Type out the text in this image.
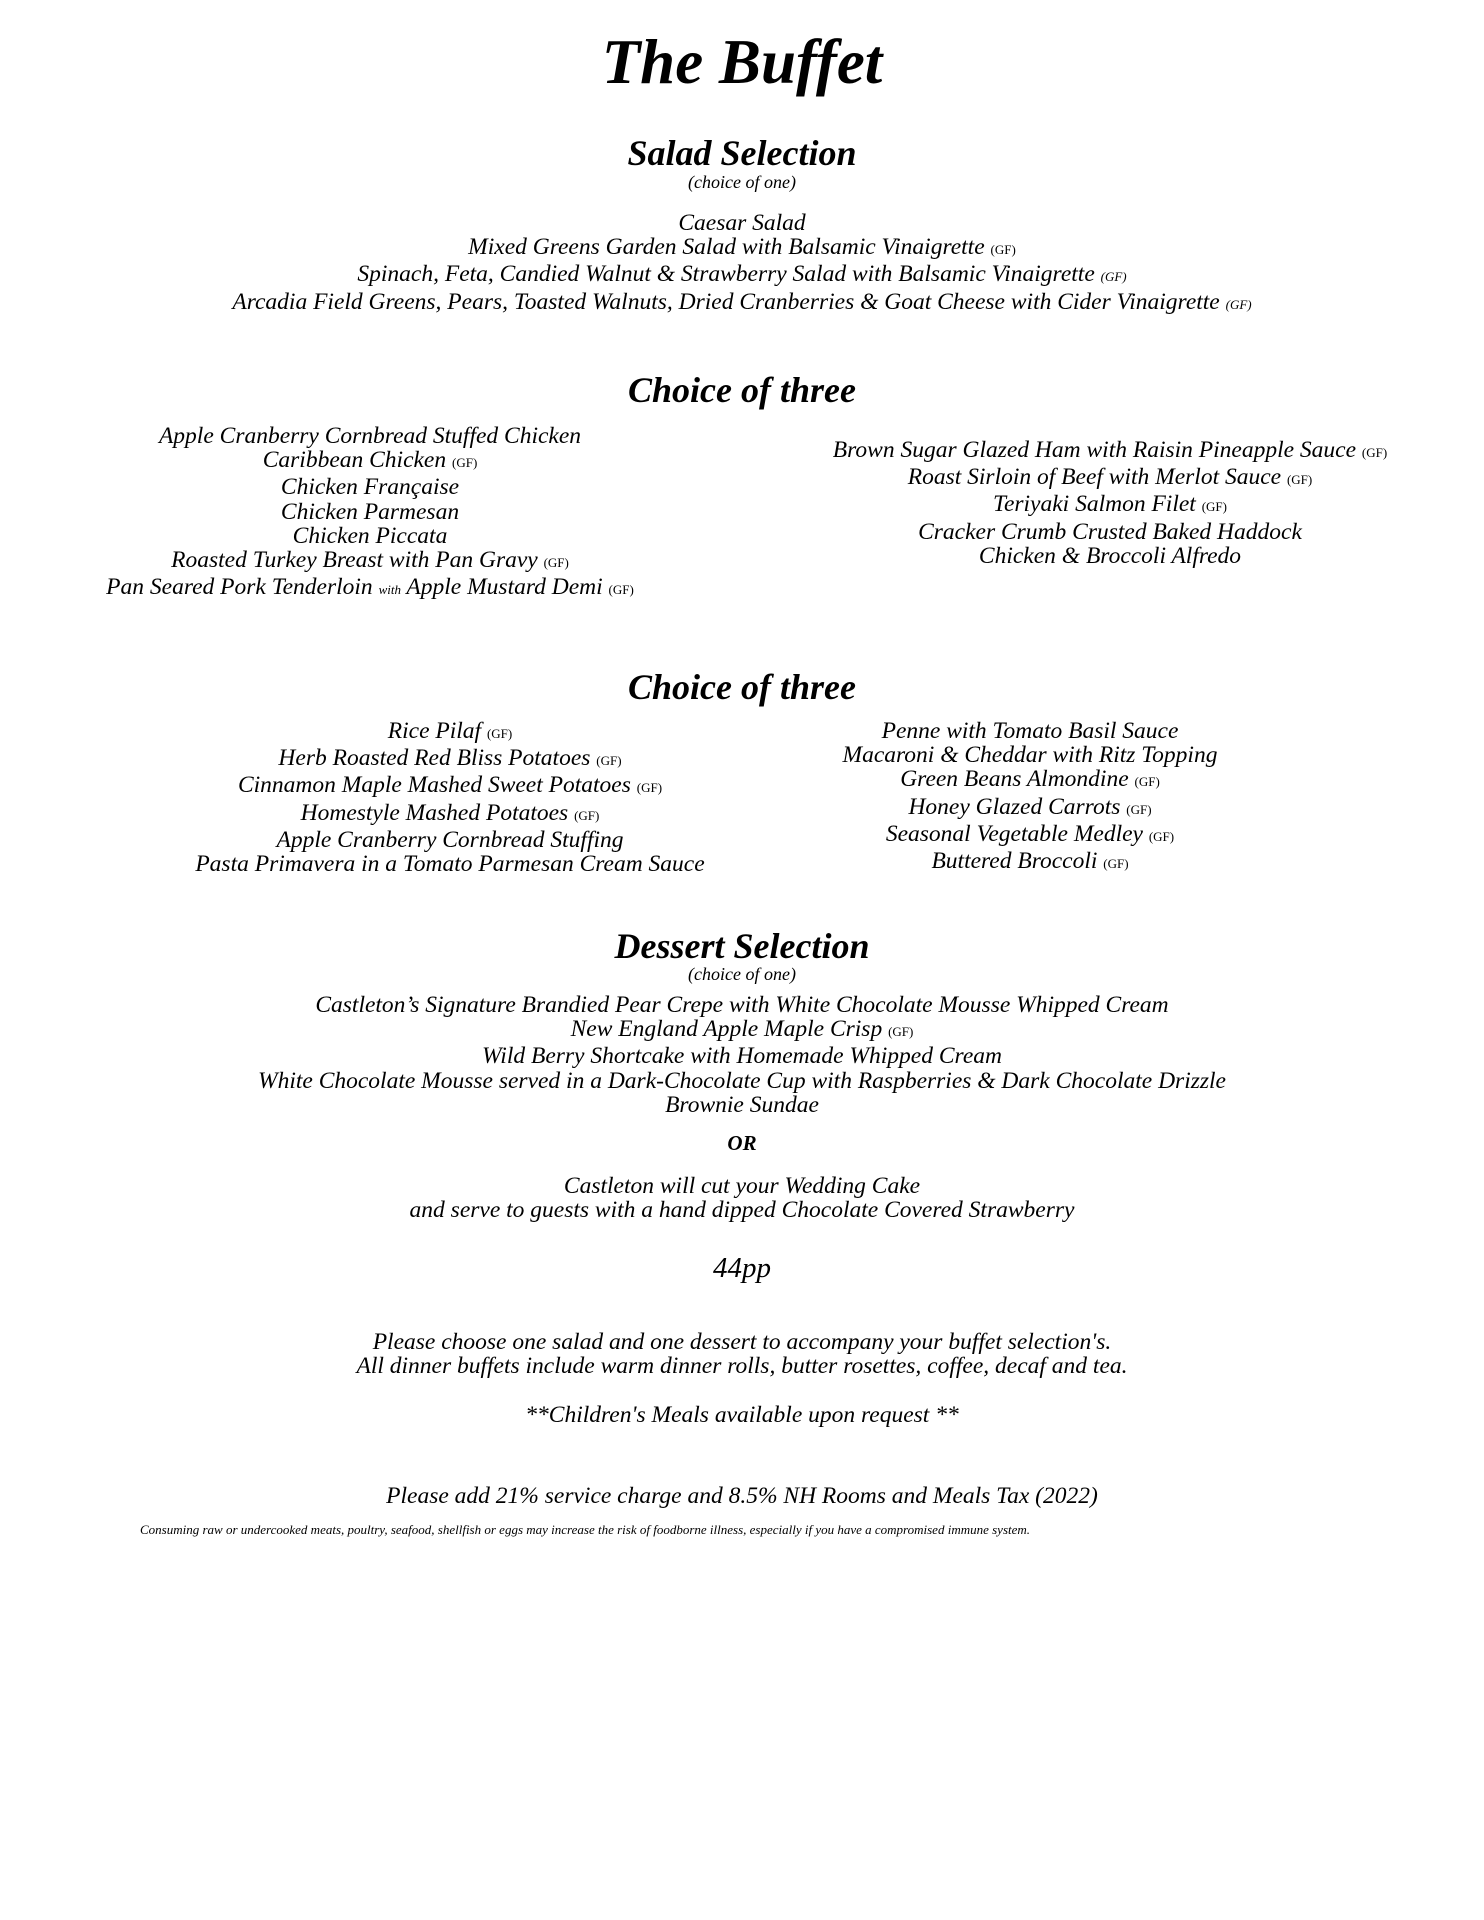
The Buffet
Salad Selection
(choice of one)
Caesar Salad
Mixed Greens Garden Salad with Balsamic Vinaigrette (GF)
Spinach, Feta, Candied Walnut & Strawberry Salad with Balsamic Vinaigrette (GF)
Arcadia Field Greens, Pears, Toasted Walnuts, Dried Cranberries & Goat Cheese with Cider Vinaigrette (GF)
Choice of three
Apple Cranberry Cornbread Stuffed Chicken
Caribbean Chicken (GF)
Chicken Française
Chicken Parmesan
Chicken Piccata
Roasted Turkey Breast with Pan Gravy (GF)
Pan Seared Pork Tenderloin with Apple Mustard Demi (GF)
Brown Sugar Glazed Ham with Raisin Pineapple Sauce (GF)
Roast Sirloin of Beef with Merlot Sauce (GF)
Teriyaki Salmon Filet (GF)
Cracker Crumb Crusted Baked Haddock
Chicken & Broccoli Alfredo
Choice of three
Rice Pilaf (GF)
Herb Roasted Red Bliss Potatoes (GF)
Cinnamon Maple Mashed Sweet Potatoes (GF)
Homestyle Mashed Potatoes (GF)
Apple Cranberry Cornbread Stuffing
Pasta Primavera in a Tomato Parmesan Cream Sauce
Penne with Tomato Basil Sauce
Macaroni & Cheddar with Ritz Topping
Green Beans Almondine (GF)
Honey Glazed Carrots (GF)
Seasonal Vegetable Medley (GF)
Buttered Broccoli (GF)
Dessert Selection
(choice of one)
Castleton’s Signature Brandied Pear Crepe with White Chocolate Mousse Whipped Cream
New England Apple Maple Crisp (GF)
Wild Berry Shortcake with Homemade Whipped Cream
White Chocolate Mousse served in a Dark-Chocolate Cup with Raspberries & Dark Chocolate Drizzle
Brownie Sundae
OR
Castleton will cut your Wedding Cake
and serve to guests with a hand dipped Chocolate Covered Strawberry
44pp
Please choose one salad and one dessert to accompany your buffet selection's.
All dinner buffets include warm dinner rolls, butter rosettes, coffee, decaf and tea.
**Children's Meals available upon request **
Please add 21% service charge and 8.5% NH Rooms and Meals Tax (2022)
Consuming raw or undercooked meats, poultry, seafood, shellfish or eggs may increase the risk of foodborne illness, especially if you have a compromised immune system.
